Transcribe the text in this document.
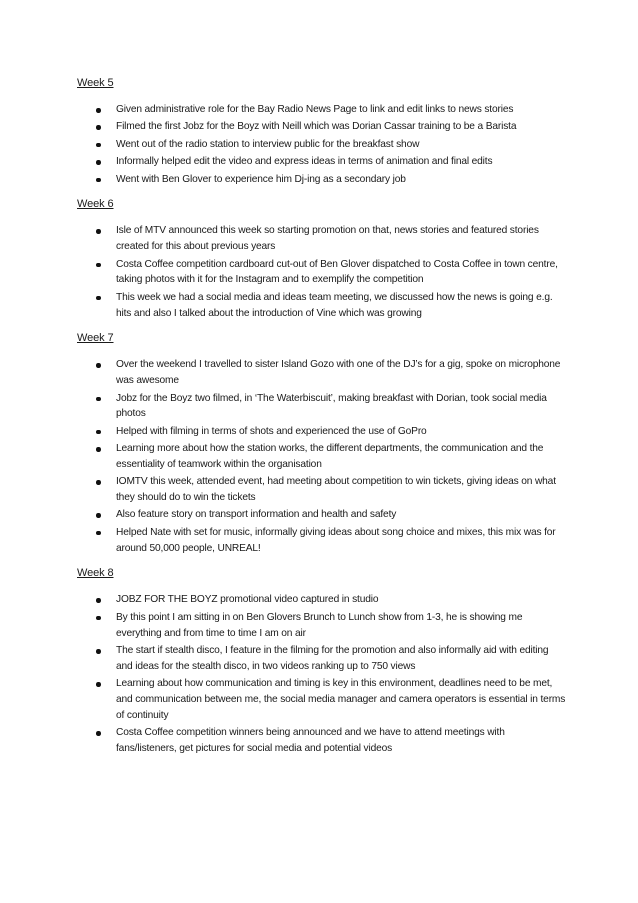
Week 5
Given administrative role for the Bay Radio News Page to link and edit links to news stories
Filmed the first Jobz for the Boyz with Neill which was Dorian Cassar training to be a Barista
Went out of the radio station to interview public for the breakfast show
Informally helped edit the video and express ideas in terms of animation and final edits
Went with Ben Glover to experience him Dj-ing as a secondary job
Week 6
Isle of MTV announced this week so starting promotion on that, news stories and featured stories created for this about previous years
Costa Coffee competition cardboard cut-out of Ben Glover dispatched to Costa Coffee in town centre, taking photos with it for the Instagram and to exemplify the competition
This week we had a social media and ideas team meeting, we discussed how the news is going e.g. hits and also I talked about the introduction of Vine which was growing
Week 7
Over the weekend I travelled to sister Island Gozo with one of the DJ’s for a gig, spoke on microphone was awesome
Jobz for the Boyz two filmed, in ‘The Waterbiscuit’, making breakfast with Dorian, took social media photos
Helped with filming in terms of shots and experienced the use of GoPro
Learning more about how the station works, the different departments, the communication and the essentiality of teamwork within the organisation
IOMTV this week, attended event, had meeting about competition to win tickets, giving ideas on what they should do to win the tickets
Also feature story on transport information and health and safety
Helped Nate with set for music, informally giving ideas about song choice and mixes, this mix was for around 50,000 people, UNREAL!
Week 8
JOBZ FOR THE BOYZ promotional video captured in studio
By this point I am sitting in on Ben Glovers Brunch to Lunch show from 1-3, he is showing me everything and from time to time I am on air
The start if stealth disco, I feature in the filming for the promotion and also informally aid with editing and ideas for the stealth disco, in two videos ranking up to 750 views
Learning about how communication and timing is key in this environment, deadlines need to be met, and communication between me, the social media manager and camera operators is essential in terms of continuity
Costa Coffee competition winners being announced and we have to attend meetings with fans/listeners, get pictures for social media and potential videos
